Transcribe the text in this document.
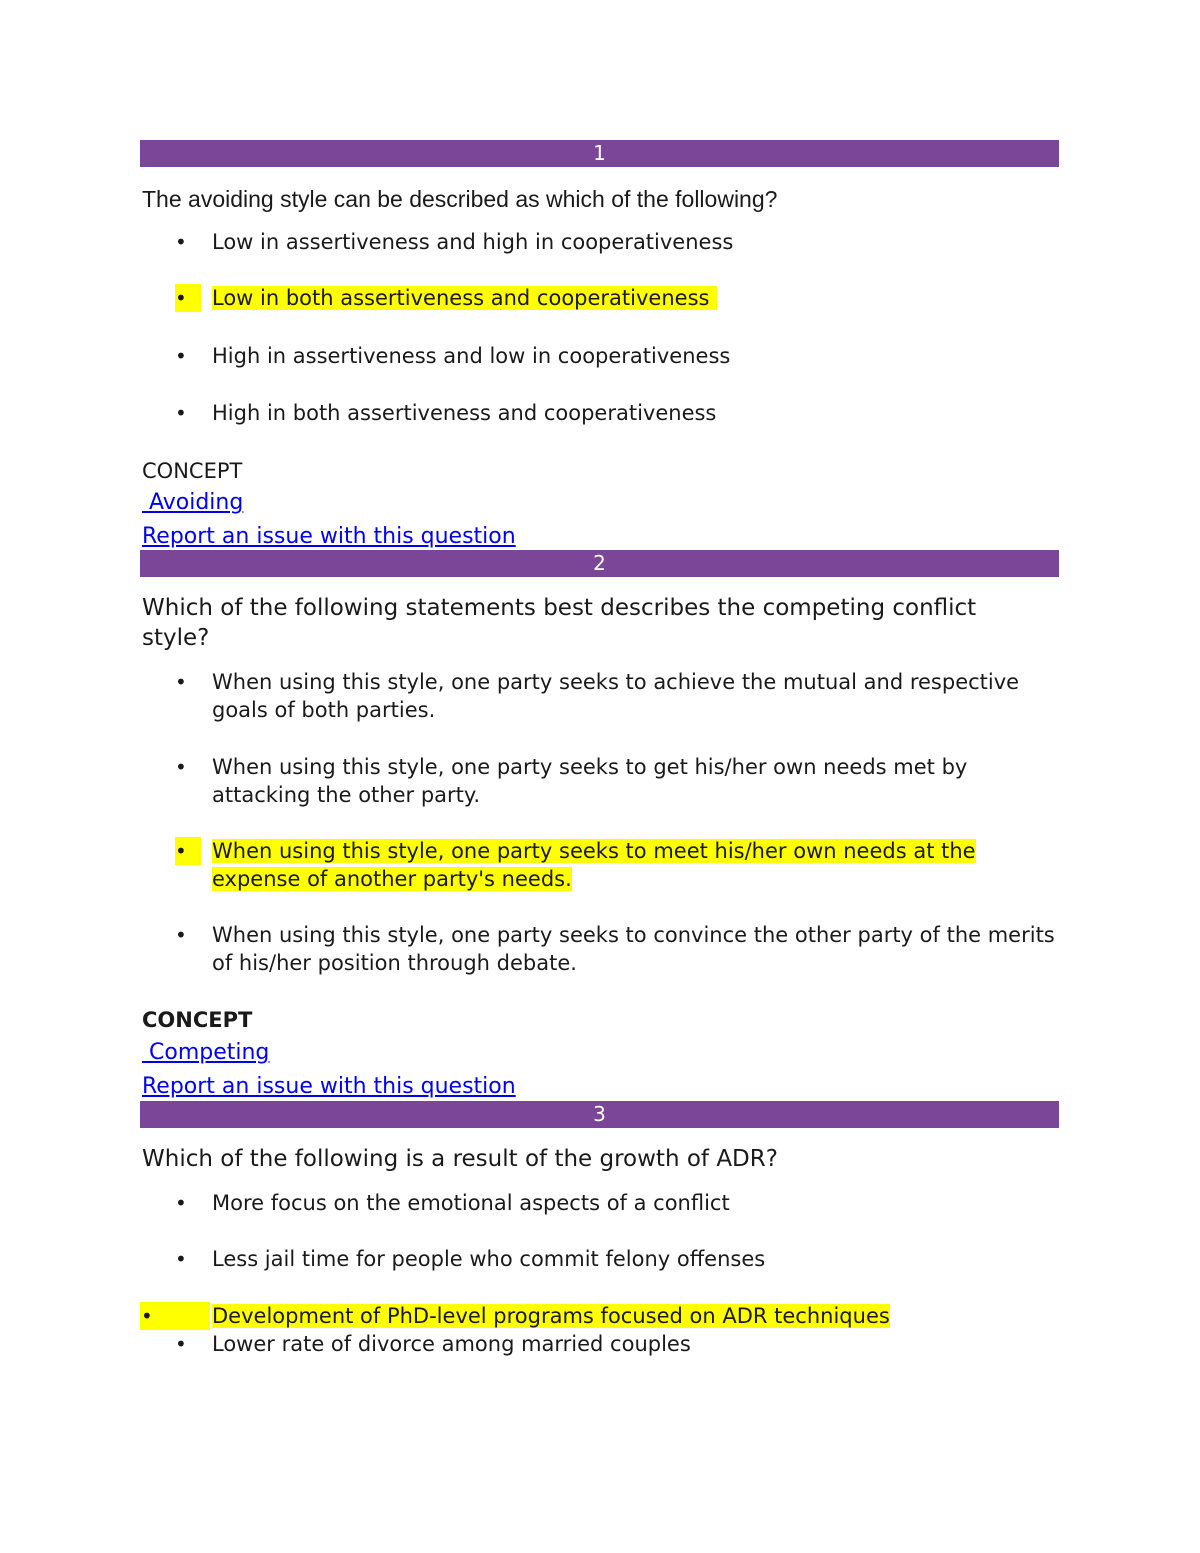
1
The avoiding style can be described as which of the following?
• Low in assertiveness and high in cooperativeness
•	Low in both assertiveness and cooperativeness
• High in assertiveness and low in cooperativeness
• High in both assertiveness and cooperativeness
CONCEPT
Avoiding
Report an issue with this question
2
Which of the following statements best describes the competing conflict style?
• When using this style, one party seeks to achieve the mutual and respective goals of both parties.
• When using this style, one party seeks to get his/her own needs met by attacking the other party.
•	When using this style, one party seeks to meet his/her own needs at the expense of another party's needs.
• When using this style, one party seeks to convince the other party of the merits of his/her position through debate.
CONCEPT
Competing
Report an issue with this question
3
Which of the following is a result of the growth of ADR?
• More focus on the emotional aspects of a conflict
• Less jail time for people who commit felony offenses
•	Development of PhD-level programs focused on ADR techniques
• Lower rate of divorce among married couples
